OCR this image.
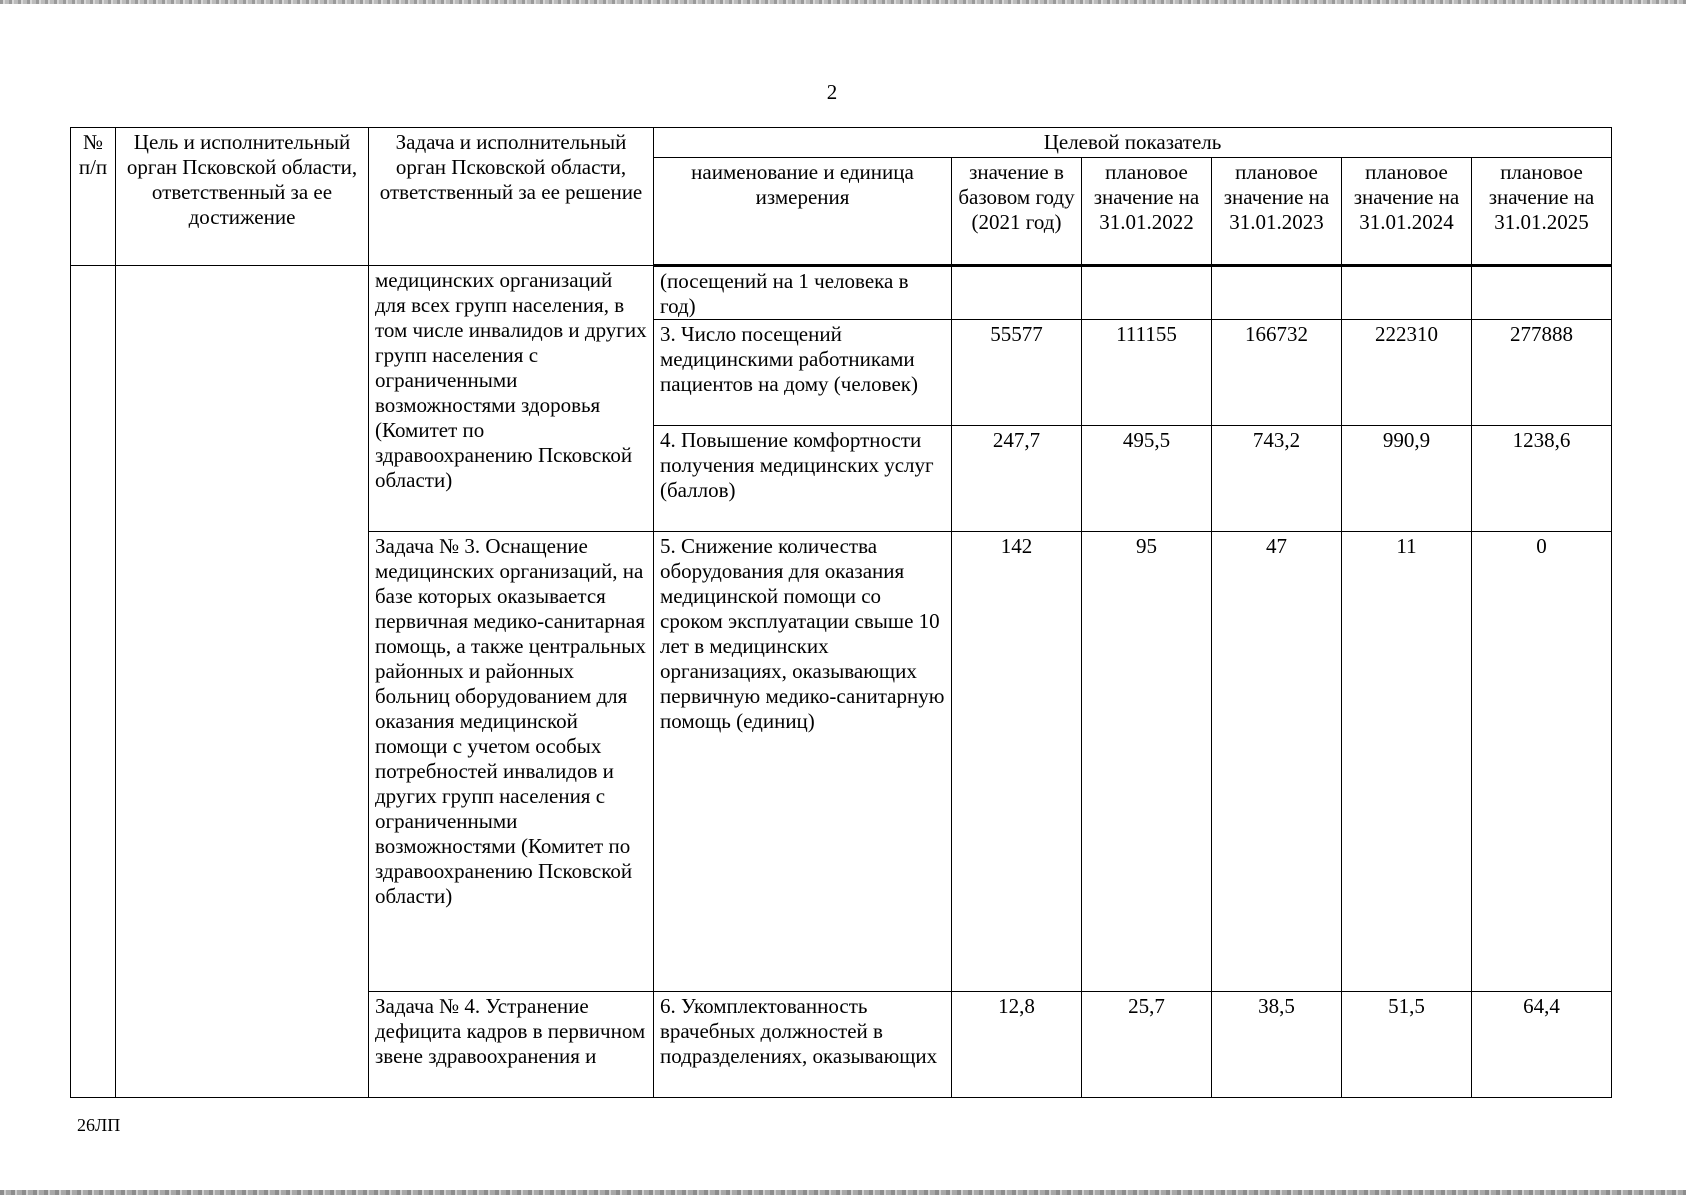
2
№ п/п	Цель и исполнительный орган Псковской области, ответственный за ее достижение	Задача и исполнительный орган Псковской области, ответственный за ее решение	Целевой показатель					
			наименование и единица измерения	значение в базовом году (2021 год)	плановое значение на 31.01.2022	плановое значение на 31.01.2023	плановое значение на 31.01.2024	плановое значение на 31.01.2025
		медицинских организаций для всех групп населения, в том числе инвалидов и других групп населения с ограниченными возможностями здоровья (Комитет по здравоохранению Псковской области)	(посещений на 1 человека в год)					
			3. Число посещений медицинскими работниками пациентов на дому (человек)	55577	111155	166732	222310	277888
			4. Повышение комфортности получения медицинских услуг (баллов)	247,7	495,5	743,2	990,9	1238,6
		Задача № 3. Оснащение медицинских организаций, на базе которых оказывается первичная медико-санитарная помощь, а также центральных районных и районных больниц оборудованием для оказания медицинской помощи с учетом особых потребностей инвалидов и других групп населения с ограниченными возможностями (Комитет по здравоохранению Псковской области)	5. Снижение количества оборудования для оказания медицинской помощи со сроком эксплуатации свыше 10 лет в медицинских организациях, оказывающих первичную медико-санитарную помощь (единиц)	142	95	47	11	0
		Задача № 4. Устранение дефицита кадров в первичном звене здравоохранения и	6. Укомплектованность врачебных должностей в подразделениях, оказывающих	12,8	25,7	38,5	51,5	64,4
26ЛП
